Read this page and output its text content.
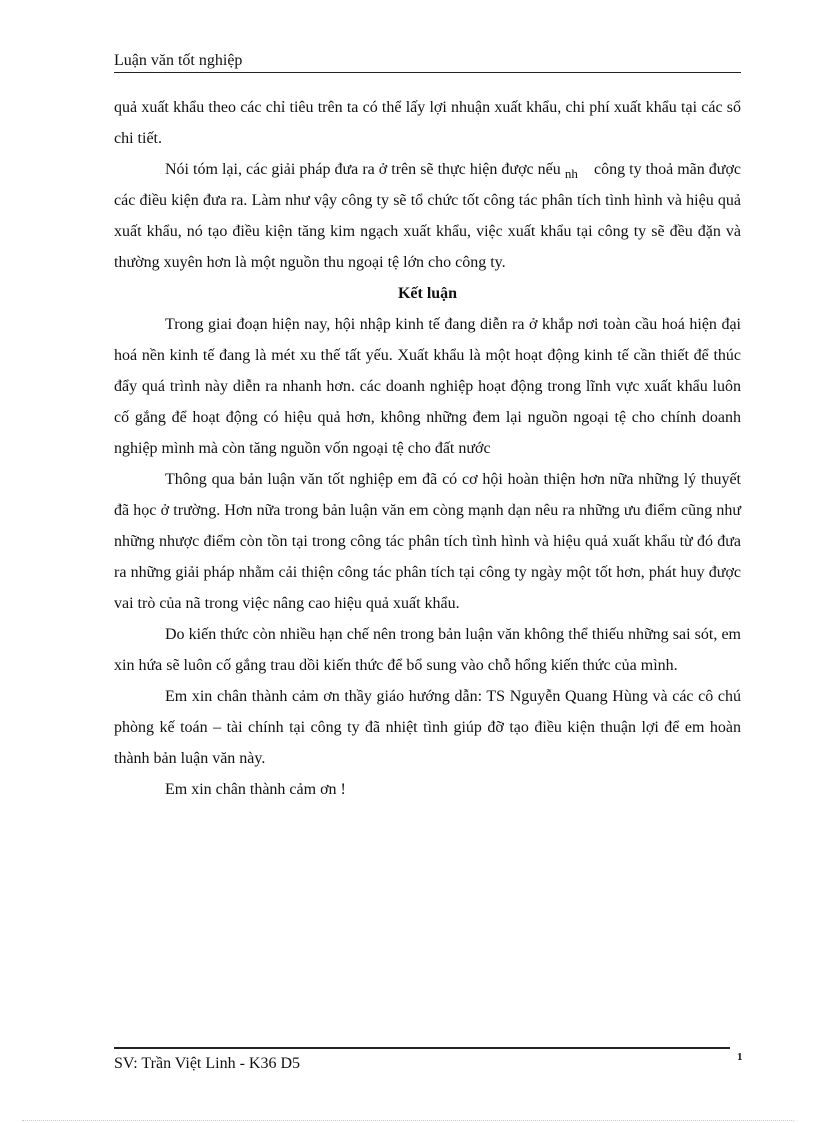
Luận văn tốt nghiệp

quả xuất khẩu theo các chỉ tiêu trên ta có thể lấy lợi nhuận xuất khẩu, chi phí xuất khẩu tại các sổ chi tiết.

Nói tóm lại, các giải pháp đưa ra ở trên sẽ thực hiện được nếu $_{nh}$ công ty thoả mãn được các điều kiện đưa ra. Làm như vậy công ty sẽ tổ chức tốt công tác phân tích tình hình và hiệu quả xuất khẩu, nó tạo điều kiện tăng kim ngạch xuất khẩu, việc xuất khẩu tại công ty sẽ đều đặn và thường xuyên hơn là một nguồn thu ngoại tệ lớn cho công ty.

Kết luận

Trong giai đoạn hiện nay, hội nhập kinh tế đang diễn ra ở khắp nơi toàn cầu hoá hiện đại hoá nền kinh tế đang là mét xu thế tất yếu. Xuất khẩu là một hoạt động kinh tế cần thiết để thúc đẩy quá trình này diễn ra nhanh hơn. các doanh nghiệp hoạt động trong lĩnh vực xuất khẩu luôn cố gắng để hoạt động có hiệu quả hơn, không những đem lại nguồn ngoại tệ cho chính doanh nghiệp mình mà còn tăng nguồn vốn ngoại tệ cho đất nước

Thông qua bản luận văn tốt nghiệp em đã có cơ hội hoàn thiện hơn nữa những lý thuyết đã học ở trường. Hơn nữa trong bản luận văn em còng mạnh dạn nêu ra những ưu điểm cũng như những nhược điểm còn tồn tại trong công tác phân tích tình hình và hiệu quả xuất khẩu từ đó đưa ra những giải pháp nhằm cải thiện công tác phân tích tại công ty ngày một tốt hơn, phát huy được vai trò của nã trong việc nâng cao hiệu quả xuất khẩu.

Do kiến thức còn nhiều hạn chế nên trong bản luận văn không thể thiếu những sai sót, em xin hứa sẽ luôn cố gắng trau dồi kiến thức để bổ sung vào chỗ hổng kiến thức của mình.

Em xin chân thành cảm ơn thầy giáo hướng dẫn: TS Nguyễn Quang Hùng và các cô chú phòng kế toán – tài chính tại công ty đã nhiệt tình giúp đỡ tạo điều kiện thuận lợi để em hoàn thành bản luận văn này.

Em xin chân thành cảm ơn !

SV: Trần Việt Linh - K36 D5	1
